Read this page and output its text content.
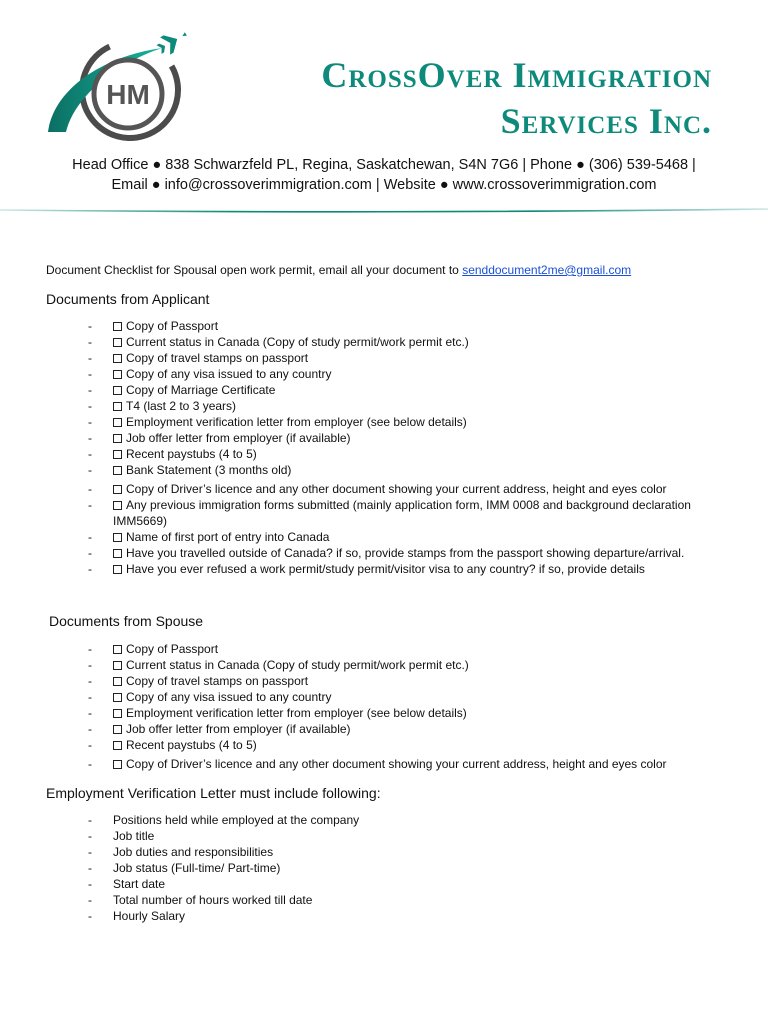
HM	CrossOver Immigration
Services Inc.
Head Office ● 838 Schwarzfeld PL, Regina, Saskatchewan, S4N 7G6 | Phone ● (306) 539-5468 |
Email ● info@crossoverimmigration.com | Website ● www.crossoverimmigration.com
Document Checklist for Spousal open work permit, email all your document to senddocument2me@gmail.com
Documents from Applicant
-	Copy of Passport
-	Current status in Canada (Copy of study permit/work permit etc.)
-	Copy of travel stamps on passport
-	Copy of any visa issued to any country
-	Copy of Marriage Certificate
-	T4 (last 2 to 3 years)
-	Employment verification letter from employer (see below details)
-	Job offer letter from employer (if available)
-	Recent paystubs (4 to 5)
-	Bank Statement (3 months old)
-	Copy of Driver’s licence and any other document showing your current address, height and eyes color
-	Any previous immigration forms submitted (mainly application form, IMM 0008 and background declaration IMM5669)
-	Name of first port of entry into Canada
-	Have you travelled outside of Canada? if so, provide stamps from the passport showing departure/arrival.
-	Have you ever refused a work permit/study permit/visitor visa to any country? if so, provide details
Documents from Spouse
-	Copy of Passport
-	Current status in Canada (Copy of study permit/work permit etc.)
-	Copy of travel stamps on passport
-	Copy of any visa issued to any country
-	Employment verification letter from employer (see below details)
-	Job offer letter from employer (if available)
-	Recent paystubs (4 to 5)
-	Copy of Driver’s licence and any other document showing your current address, height and eyes color
Employment Verification Letter must include following:
- Positions held while employed at the company
- Job title
- Job duties and responsibilities
- Job status (Full-time/ Part-time)
- Start date
- Total number of hours worked till date
- Hourly Salary
